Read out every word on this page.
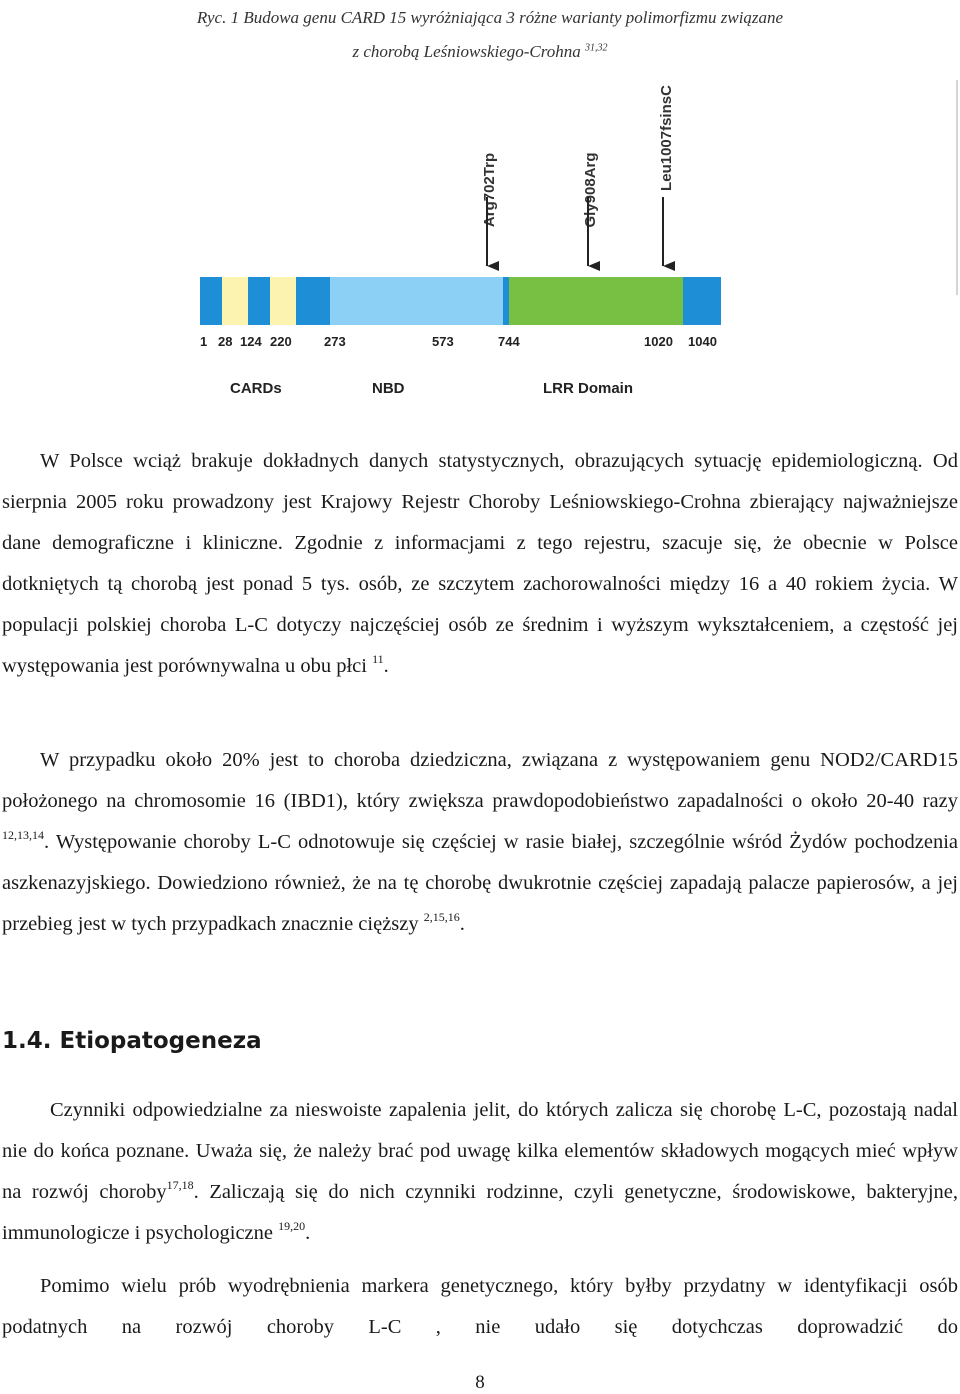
Ryc. 1 Budowa genu CARD 15 wyróżniająca 3 różne warianty polimorfizmu związane
z chorobą Leśniowskiego-Crohna $^{31,32}$
Arg702Trp	Gly908Arg	Leu1007fsinsC
1 28 124 220 273	573	744	1020 1040
CARDs	NBD	LRR Domain

W Polsce wciąż brakuje dokładnych danych statystycznych, obrazujących sytuację epidemiologiczną. Od sierpnia 2005 roku prowadzony jest Krajowy Rejestr Choroby Leśniowskiego-Crohna zbierający najważniejsze dane demograficzne i kliniczne. Zgodnie z informacjami z tego rejestru, szacuje się, że obecnie w Polsce dotkniętych tą chorobą jest ponad 5 tys. osób, ze szczytem zachorowalności między 16 a 40 rokiem życia. W populacji polskiej choroba L-C dotyczy najczęściej osób ze średnim i wyższym wykształceniem, a częstość jej występowania jest porównywalna u obu płci $^{11}$.

W przypadku około 20% jest to choroba dziedziczna, związana z występowaniem genu NOD2/CARD15 położonego na chromosomie 16 (IBD1), który zwiększa prawdopodobieństwo zapadalności o około 20-40 razy $^{12,13,14}$. Występowanie choroby L-C odnotowuje się częściej w rasie białej, szczególnie wśród Żydów pochodzenia aszkenazyjskiego. Dowiedziono również, że na tę chorobę dwukrotnie częściej zapadają palacze papierosów, a jej przebieg jest w tych przypadkach znacznie cięższy $^{2,15,16}$.

1.4. Etiopatogeneza

Czynniki odpowiedzialne za nieswoiste zapalenia jelit, do których zalicza się chorobę L-C, pozostają nadal nie do końca poznane. Uważa się, że należy brać pod uwagę kilka elementów składowych mogących mieć wpływ na rozwój choroby$^{17,18}$. Zaliczają się do nich czynniki rodzinne, czyli genetyczne, środowiskowe, bakteryjne, immunologicze i psychologiczne $^{19,20}$.

Pomimo wielu prób wyodrębnienia markera genetycznego, który byłby przydatny w identyfikacji osób podatnych na rozwój choroby L-C , nie udało się dotychczas doprowadzić do

8
